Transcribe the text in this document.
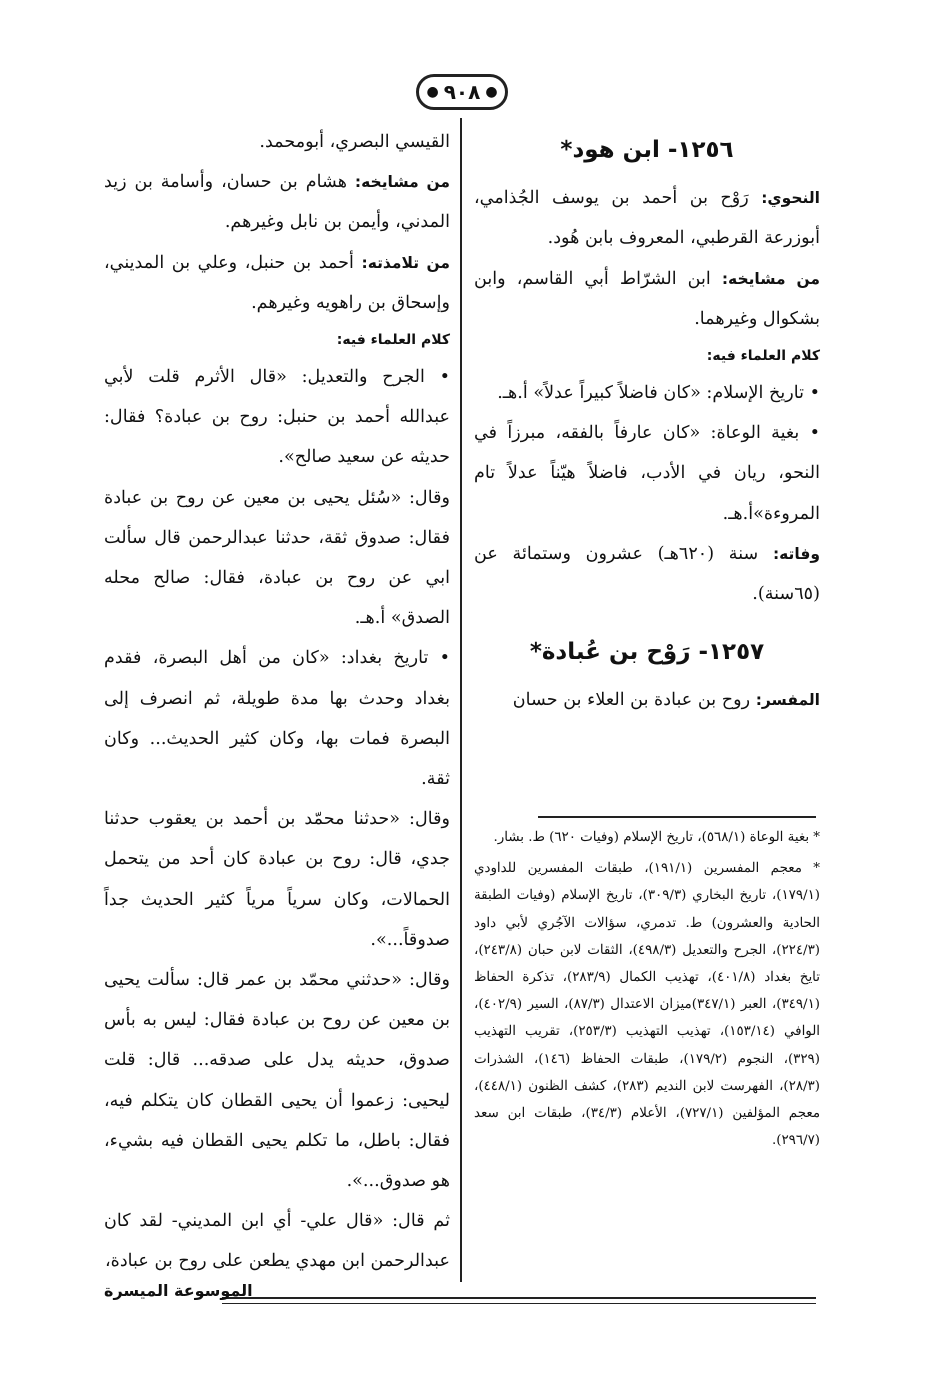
●
٩٠٨
●
١٢٥٦- ابن هود*

النحوي: رَوْح بن أحمد بن يوسف الجُذامي، أبوزرعة القرطبي، المعروف بابن هُود.

من مشايخه: ابن الشرّاط أبي القاسم، وابن بشكوال وغيرهما.

كلام العلماء فيه:

• تاريخ الإسلام: «كان فاضلاً كبيراً عدلاً» أ.هـ.

• بغية الوعاة: «كان عارفاً بالفقه، مبرزاً في النحو، ريان في الأدب، فاضلاً هيّناً عدلاً تام المروءة»أ.هـ.

وفاته: سنة (٦٢٠هـ) عشرون وستمائة عن (٦٥سنة).

١٢٥٧- رَوْح بن عُبادة*

المفسر: روح بن عبادة بن العلاء بن حسان

* بغية الوعاة (٥٦٨/١)، تاريخ الإسلام (وفيات ٦٢٠) ط. بشار.

* معجم المفسرين (١٩١/١)، طبقات المفسرين للداودي (١٧٩/١)، تاريخ البخاري (٣٠٩/٣)، تاريخ الإسلام (وفيات الطبقة الحادية والعشرون) ط. تدمري، سؤالات الآجُري لأبي داود (٢٢٤/٣)، الجرح والتعديل (٤٩٨/٣)، الثقات لابن حبان (٢٤٣/٨)، تايخ بغداد (٤٠١/٨)، تهذيب الكمال (٢٨٣/٩)، تذكرة الحفاظ (٣٤٩/١)، العبر (٣٤٧/١)ميزان الاعتدال (٨٧/٣)، السير (٤٠٢/٩)، الوافي (١٥٣/١٤)، تهذيب التهذيب (٢٥٣/٣)، تقريب التهذيب (٣٢٩)، النجوم (١٧٩/٢)، طبقات الحفاظ (١٤٦)، الشذرات (٢٨/٣)، الفهرست لابن النديم (٢٨٣)، كشف الظنون (٤٤٨/١)، معجم المؤلفين (٧٢٧/١)، الأعلام (٣٤/٣)، طبقات ابن سعد (٢٩٦/٧).

القيسي البصري، أبومحمد.

من مشايخه: هشام بن حسان، وأسامة بن زيد المدني، وأيمن بن نابل وغيرهم.

من تلامذته: أحمد بن حنبل، وعلي بن المديني، وإسحاق بن راهويه وغيرهم.

كلام العلماء فيه:

• الجرح والتعديل: «قال الأثرم قلت لأبي عبدالله أحمد بن حنبل: روح بن عبادة؟ فقال: حديثه عن سعيد صالح».

وقال: «سُئل يحيى بن معين عن روح بن عبادة فقال: صدوق ثقة، حدثنا عبدالرحمن قال سألت ابي عن روح بن عبادة، فقال: صالح محله الصدق» أ.هـ.

• تاريخ بغداد: «كان من أهل البصرة، فقدم بغداد وحدث بها مدة طويلة، ثم انصرف إلى البصرة فمات بها، وكان كثير الحديث... وكان ثقة.

وقال: «حدثنا محمّد بن أحمد بن يعقوب حدثنا جدي، قال: روح بن عبادة كان أحد من يتحمل الحمالات، وكان سرياً مرياً كثير الحديث جداً صدوقاً...».

وقال: «حدثني محمّد بن عمر قال: سألت يحيى بن معين عن روح بن عبادة فقال: ليس به بأس صدوق، حديثه يدل على صدقه... قال: قلت ليحيى: زعموا أن يحيى القطان كان يتكلم فيه، فقال: باطل، ما تكلم يحيى القطان فيه بشيء، هو صدوق...».

ثم قال: «قال علي- أي ابن المديني- لقد كان عبدالرحمن ابن مهدي يطعن على روح بن عبادة،

الموسوعة الميسرة
